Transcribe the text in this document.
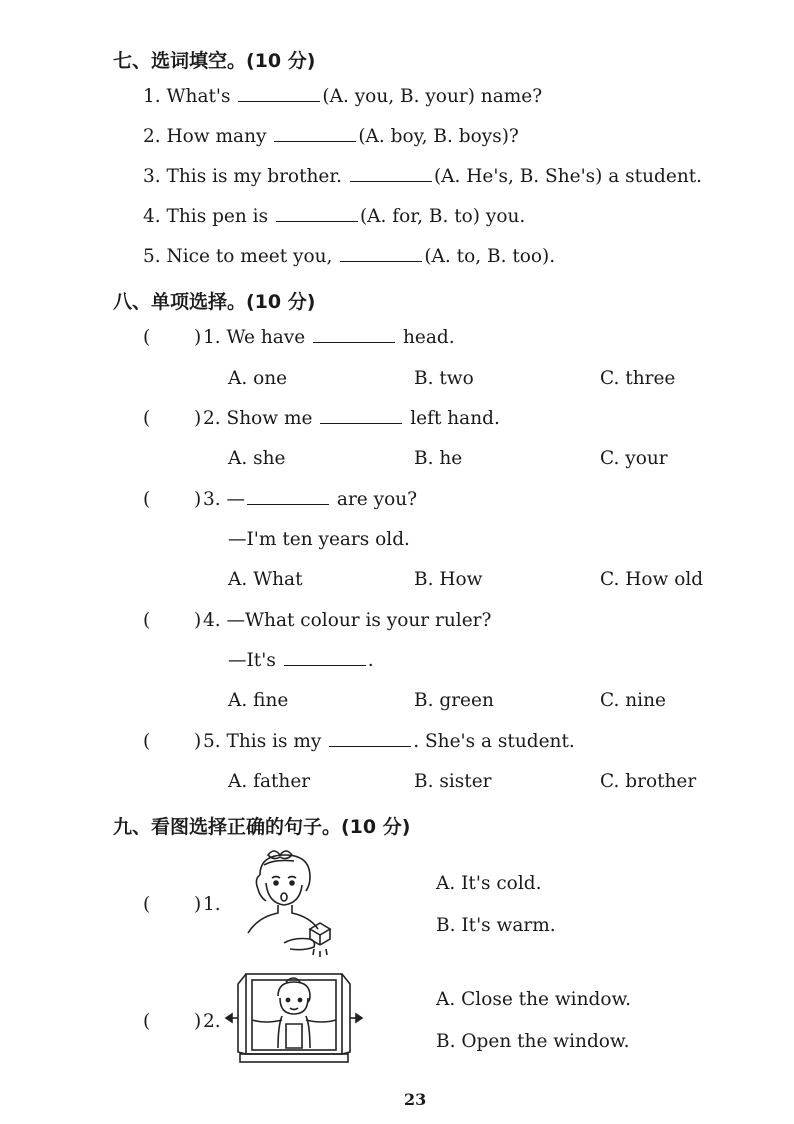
七、选词填空。(10 分)
1. What's	(A. you, B. your) name?
2. How many	(A. boy, B. boys)?
3. This is my brother.	(A. He's, B. She's) a student.
4. This pen is	(A. for, B. to) you.
5. Nice to meet you,	(A. to, B. too).
八、单项选择。(10 分)
( ) 1. We have	head.
A. one	B. two	C. three
( ) 2. Show me	left hand.
A. she	B. he	C. your
( ) 3. —	are you?
—I'm ten years old.
A. What	B. How	C. How old
( ) 4. —What colour is your ruler?
—It's	.
A. fine	B. green	C. nine
( ) 5. This is my	. She's a student.
A. father	B. sister	C. brother
九、看图选择正确的句子。(10 分)
( ) 1.
A. It's cold.
B. It's warm.
( ) 2.
A. Close the window.
B. Open the window.
23
